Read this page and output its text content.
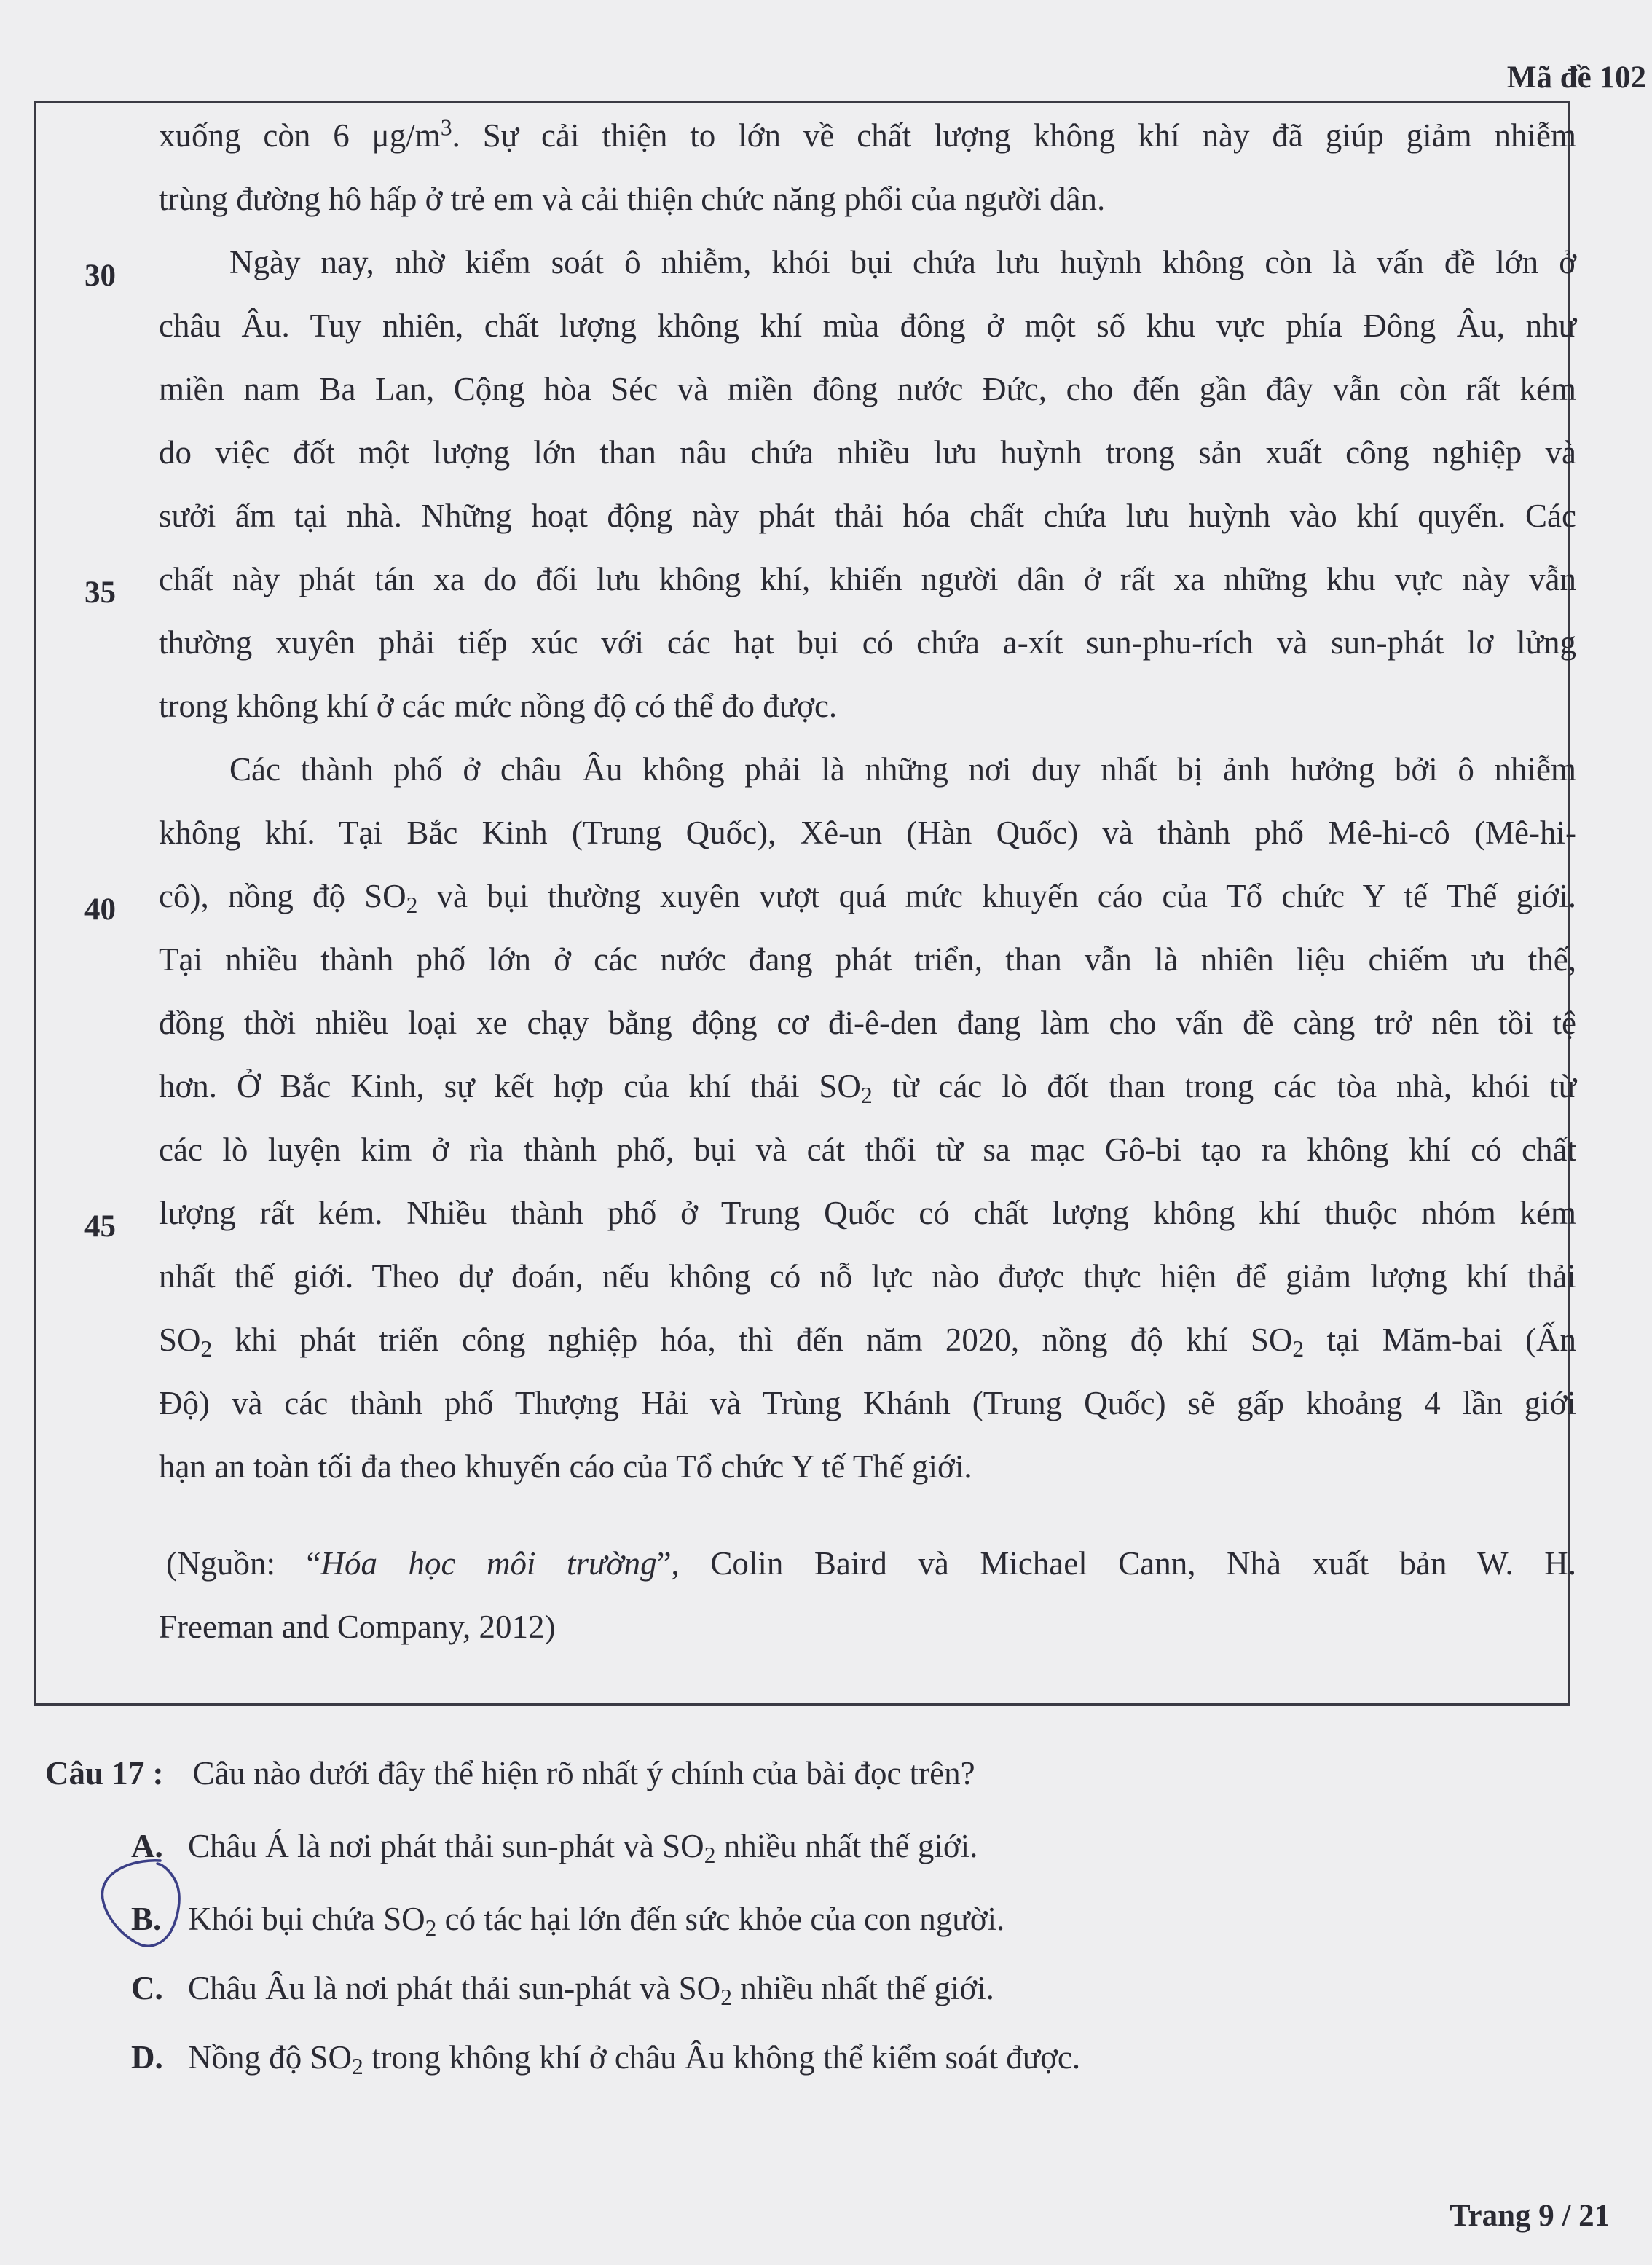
Mã đề 102
30
35
40
45
xuống còn 6 $\mu g/m^3$. Sự cải thiện to lớn về chất lượng không khí này đã giúp giảm nhiễm
trùng đường hô hấp ở trẻ em và cải thiện chức năng phổi của người dân.
Ngày nay, nhờ kiểm soát ô nhiễm, khói bụi chứa lưu huỳnh không còn là vấn đề lớn ở
châu Âu. Tuy nhiên, chất lượng không khí mùa đông ở một số khu vực phía Đông Âu, như
miền nam Ba Lan, Cộng hòa Séc và miền đông nước Đức, cho đến gần đây vẫn còn rất kém
do việc đốt một lượng lớn than nâu chứa nhiều lưu huỳnh trong sản xuất công nghiệp và
sưởi ấm tại nhà. Những hoạt động này phát thải hóa chất chứa lưu huỳnh vào khí quyển. Các
chất này phát tán xa do đối lưu không khí, khiến người dân ở rất xa những khu vực này vẫn
thường xuyên phải tiếp xúc với các hạt bụi có chứa a-xít sun-phu-rích và sun-phát lơ lửng
trong không khí ở các mức nồng độ có thể đo được.
Các thành phố ở châu Âu không phải là những nơi duy nhất bị ảnh hưởng bởi ô nhiễm
không khí. Tại Bắc Kinh (Trung Quốc), Xê-un (Hàn Quốc) và thành phố Mê-hi-cô (Mê-hi-
cô), nồng độ $SO_2$ và bụi thường xuyên vượt quá mức khuyến cáo của Tổ chức Y tế Thế giới.
Tại nhiều thành phố lớn ở các nước đang phát triển, than vẫn là nhiên liệu chiếm ưu thế,
đồng thời nhiều loại xe chạy bằng động cơ đi-ê-den đang làm cho vấn đề càng trở nên tồi tệ
hơn. Ở Bắc Kinh, sự kết hợp của khí thải $SO_2$ từ các lò đốt than trong các tòa nhà, khói từ
các lò luyện kim ở rìa thành phố, bụi và cát thổi từ sa mạc Gô-bi tạo ra không khí có chất
lượng rất kém. Nhiều thành phố ở Trung Quốc có chất lượng không khí thuộc nhóm kém
nhất thế giới. Theo dự đoán, nếu không có nỗ lực nào được thực hiện để giảm lượng khí thải
$SO_2$ khi phát triển công nghiệp hóa, thì đến năm 2020, nồng độ khí $SO_2$ tại Mă​m-bai (Ấn
Độ) và các thành phố Thượng Hải và Trùng Khánh (Trung Quốc) sẽ gấp khoảng 4 lần giới
hạn an toàn tối đa theo khuyến cáo của Tổ chức Y tế Thế giới.
(Nguồn: “Hóa học môi trường”, Colin Baird và Michael Cann, Nhà xuất bản W. H.
Freeman and Company, 2012)
Câu 17 : Câu nào dưới đây thể hiện rõ nhất ý chính của bài đọc trên?
A. Châu Á là nơi phát thải sun-phát và $SO_2$ nhiều nhất thế giới.
B. Khói bụi chứa $SO_2$ có tác hại lớn đến sức khỏe của con người.
C. Châu Âu là nơi phát thải sun-phát và $SO_2$ nhiều nhất thế giới.
D. Nồng độ $SO_2$ trong không khí ở châu Âu không thể kiểm soát được.
Trang 9 / 21
